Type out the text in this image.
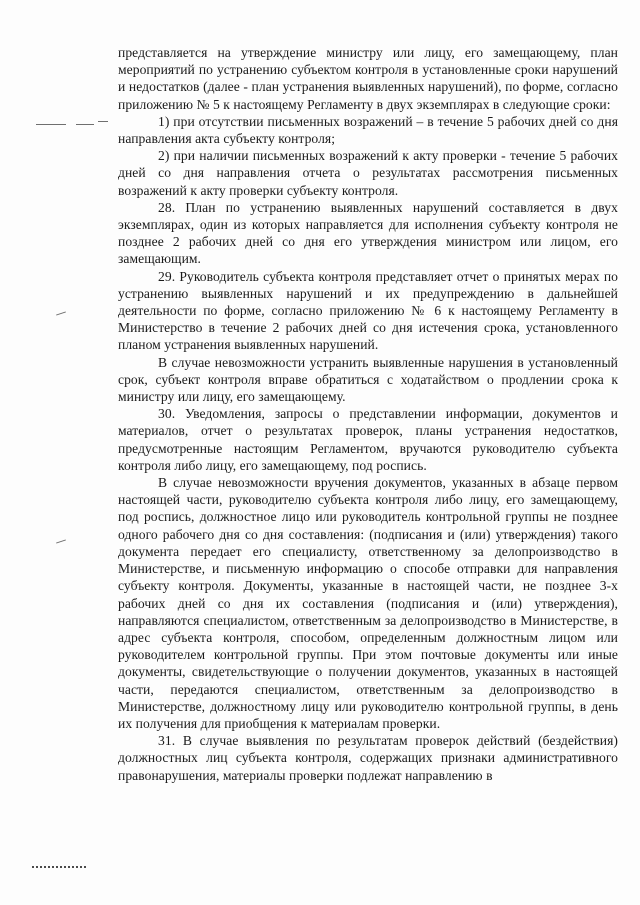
представляется на утверждение министру или лицу, его замещающему, план мероприятий по устранению субъектом контроля в установленные сроки нарушений и недостатков (далее - план устранения выявленных нарушений), по форме, согласно приложению № 5 к настоящему Регламенту в двух экземплярах в следующие сроки:

1) при отсутствии письменных возражений – в течение 5 рабочих дней со дня направления акта субъекту контроля;

2) при наличии письменных возражений к акту проверки - течение 5 рабочих дней со дня направления отчета о результатах рассмотрения письменных возражений к акту проверки субъекту контроля.

28. План по устранению выявленных нарушений составляется в двух экземплярах, один из которых направляется для исполнения субъекту контроля не позднее 2 рабочих дней со дня его утверждения министром или лицом, его замещающим.

29. Руководитель субъекта контроля представляет отчет о принятых мерах по устранению выявленных нарушений и их предупреждению в дальнейшей деятельности по форме, согласно приложению № 6 к настоящему Регламенту в Министерство в течение 2 рабочих дней со дня истечения срока, установленного планом устранения выявленных нарушений.

В случае невозможности устранить выявленные нарушения в установленный срок, субъект контроля вправе обратиться с ходатайством о продлении срока к министру или лицу, его замещающему.

30. Уведомления, запросы о представлении информации, документов и материалов, отчет о результатах проверок, планы устранения недостатков, предусмотренные настоящим Регламентом, вручаются руководителю субъекта контроля либо лицу, его замещающему, под роспись.

В случае невозможности вручения документов, указанных в абзаце первом настоящей части, руководителю субъекта контроля либо лицу, его замещающему, под роспись, должностное лицо или руководитель контрольной группы не позднее одного рабочего дня со дня составления: (подписания и (или) утверждения) такого документа передает его специалисту, ответственному за делопроизводство в Министерстве, и письменную информацию о способе отправки для направления субъекту контроля. Документы, указанные в настоящей части, не позднее 3-х рабочих дней со дня их составления (подписания и (или) утверждения), направляются специалистом, ответственным за делопроизводство в Министерстве, в адрес субъекта контроля, способом, определенным должностным лицом или руководителем контрольной группы. При этом почтовые документы или иные документы, свидетельствующие о получении документов, указанных в настоящей части, передаются специалистом, ответственным за делопроизводство в Министерстве, должностному лицу или руководителю контрольной группы, в день их получения для приобщения к материалам проверки.

31. В случае выявления по результатам проверок действий (бездействия) должностных лиц субъекта контроля, содержащих признаки административного правонарушения, материалы проверки подлежат направлению в
